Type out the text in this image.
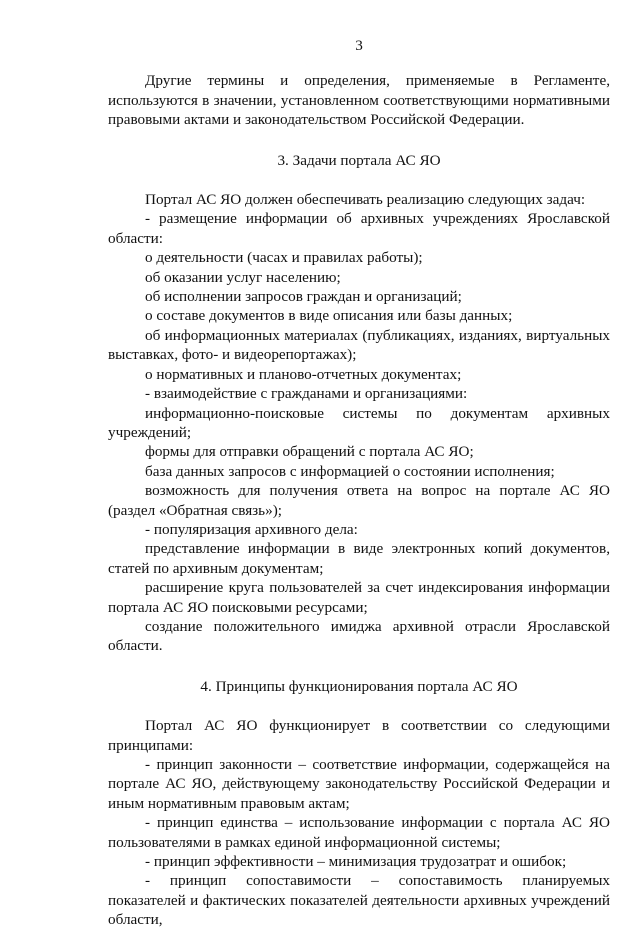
3

Другие термины и определения, применяемые в Регламенте, используются в значении, установленном соответствующими нормативными правовыми актами и законодательством Российской Федерации.

3. Задачи портала АС ЯО

Портал АС ЯО должен обеспечивать реализацию следующих задач:

- размещение информации об архивных учреждениях Ярославской области:

о деятельности (часах и правилах работы);

об оказании услуг населению;

об исполнении запросов граждан и организаций;

о составе документов в виде описания или базы данных;

об информационных материалах (публикациях, изданиях, виртуальных выставках, фото- и видеорепортажах);

о нормативных и планово-отчетных документах;

- взаимодействие с гражданами и организациями:

информационно-поисковые системы по документам архивных учреждений;

формы для отправки обращений с портала АС ЯО;

база данных запросов с информацией о состоянии исполнения;

возможность для получения ответа на вопрос на портале АС ЯО (раздел «Обратная связь»);

- популяризация архивного дела:

представление информации в виде электронных копий документов, статей по архивным документам;

расширение круга пользователей за счет индексирования информации портала АС ЯО поисковыми ресурсами;

создание положительного имиджа архивной отрасли Ярославской области.

4. Принципы функционирования портала АС ЯО

Портал АС ЯО функционирует в соответствии со следующими принципами:

- принцип законности – соответствие информации, содержащейся на портале АС ЯО, действующему законодательству Российской Федерации и иным нормативным правовым актам;

- принцип единства – использование информации с портала АС ЯО пользователями в рамках единой информационной системы;

- принцип эффективности – минимизация трудозатрат и ошибок;

- принцип сопоставимости – сопоставимость планируемых показателей и фактических показателей деятельности архивных учреждений области,
